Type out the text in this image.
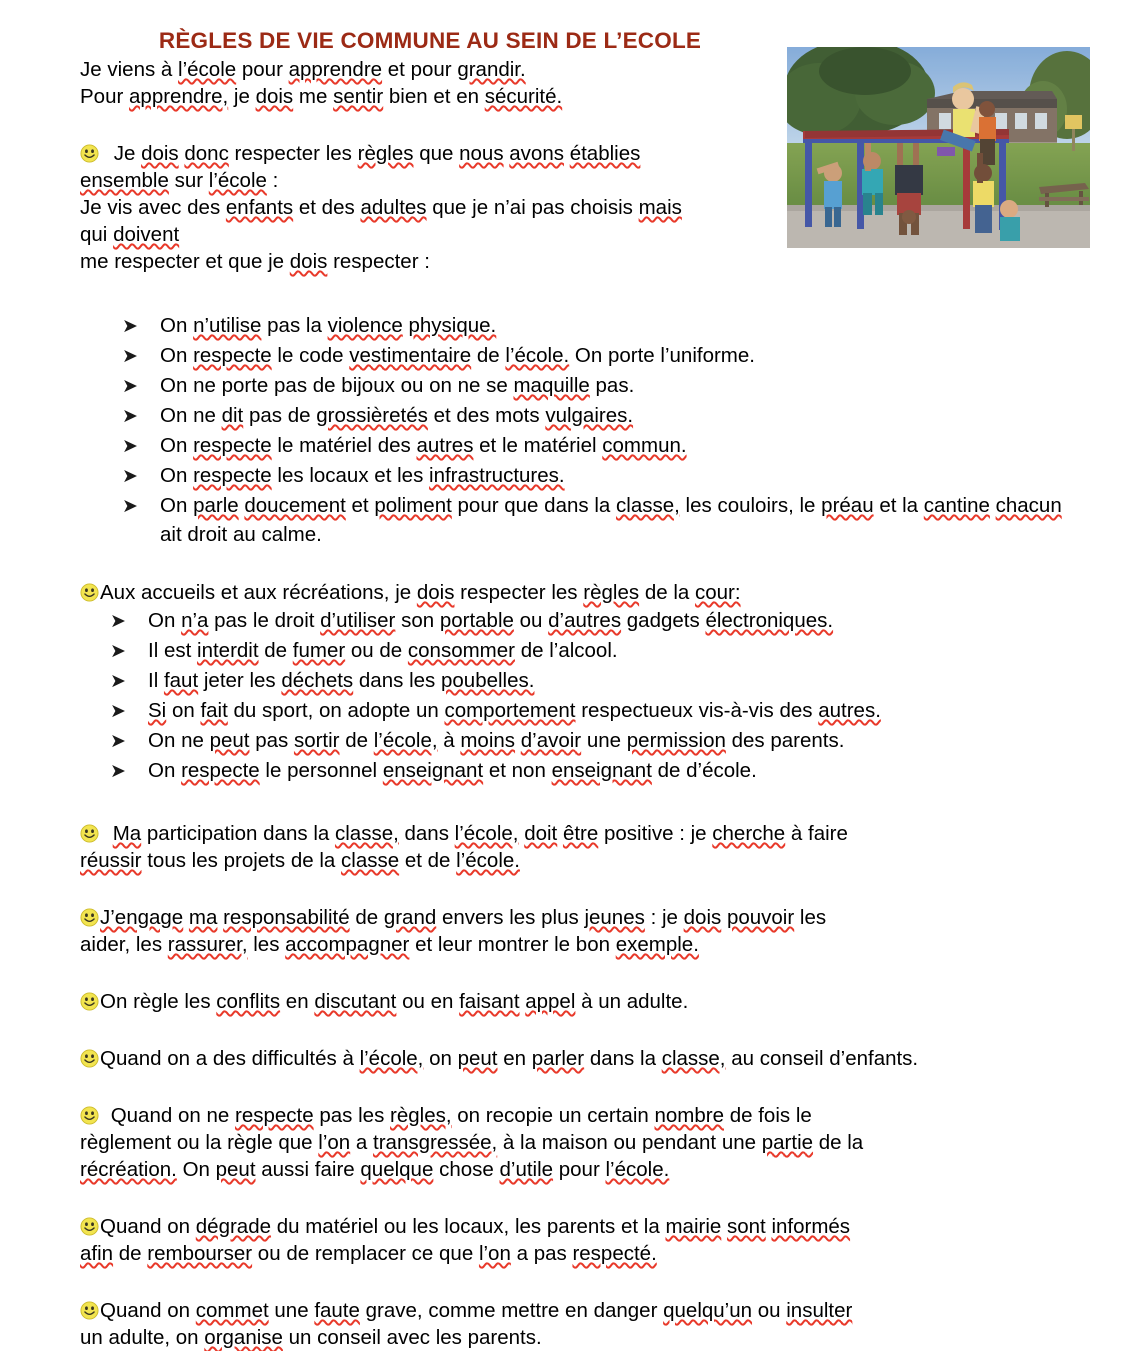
RÈGLES DE VIE COMMUNE AU SEIN DE L’ECOLE
Je viens à l’école pour apprendre et pour grandir.
Pour apprendre, je dois me sentir bien et en sécurité.
Je dois donc respecter les règles que nous avons établies
ensemble sur l’école :
Je vis avec des enfants et des adultes que je n’ai pas choisis mais
qui doivent
me respecter et que je dois respecter :
➤ On n’utilise pas la violence physique.
➤ On respecte le code vestimentaire de l’école. On porte l’uniforme.
➤ On ne porte pas de bijoux ou on ne se maquille pas.
➤ On ne dit pas de grossièretés et des mots vulgaires.
➤ On respecte le matériel des autres et le matériel commun.
➤ On respecte les locaux et les infrastructures.
➤ On parle doucement et poliment pour que dans la classe, les couloirs, le préau et la cantine chacun ait droit au calme.
Aux accueils et aux récréations, je dois respecter les règles de la cour:
➤ On n’a pas le droit d’utiliser son portable ou d’autres gadgets électroniques.
➤ Il est interdit de fumer ou de consommer de l’alcool.
➤ Il faut jeter les déchets dans les poubelles.
➤ Si on fait du sport, on adopte un comportement respectueux vis-à-vis des autres.
➤ On ne peut pas sortir de l’école, à moins d’avoir une permission des parents.
➤ On respecte le personnel enseignant et non enseignant de d’école.
Ma participation dans la classe, dans l’école, doit être positive : je cherche à faire
réussir tous les projets de la classe et de l’école.
J’engage ma responsabilité de grand envers les plus jeunes : je dois pouvoir les
aider, les rassurer, les accompagner et leur montrer le bon exemple.
On règle les conflits en discutant ou en faisant appel à un adulte.
Quand on a des difficultés à l’école, on peut en parler dans la classe, au conseil d’enfants.
Quand on ne respecte pas les règles, on recopie un certain nombre de fois le
règlement ou la règle que l’on a transgressée, à la maison ou pendant une partie de la
récréation. On peut aussi faire quelque chose d’utile pour l’école.
Quand on dégrade du matériel ou les locaux, les parents et la mairie sont informés
afin de rembourser ou de remplacer ce que l’on a pas respecté.
Quand on commet une faute grave, comme mettre en danger quelqu’un ou insulter
un adulte, on organise un conseil avec les parents.
